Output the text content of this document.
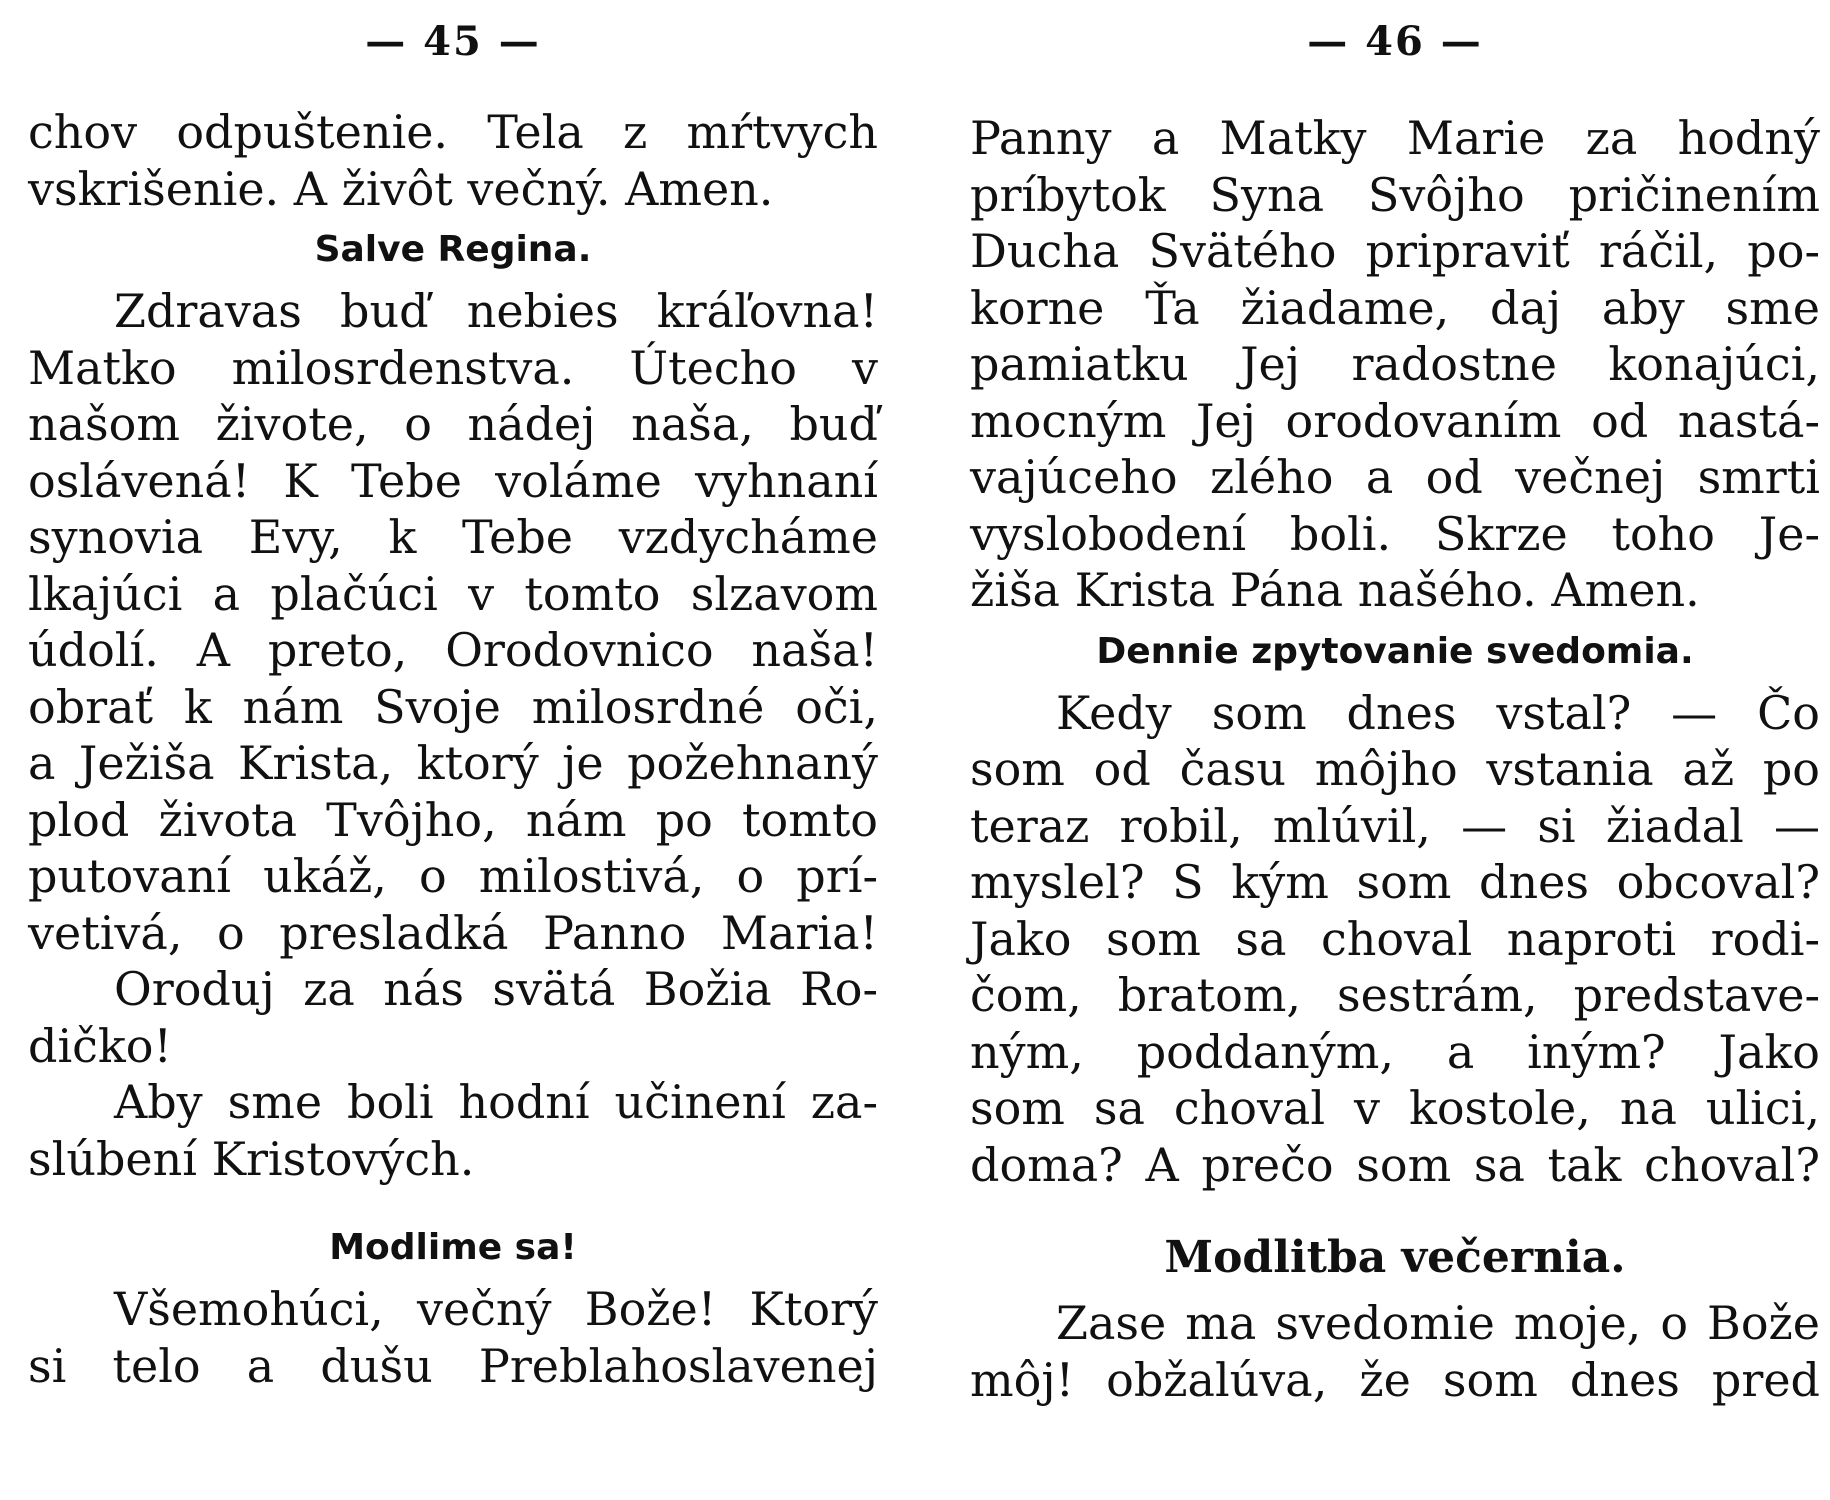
— 45 —
chov odpuštenie. Tela z mŕtvych
vskrišenie. A živôt večný. Amen.
Salve Regina.
Zdravas buď nebies kráľovna!
Matko milosrdenstva. Útecho v
našom živote, o nádej naša, buď
oslávená! K Tebe voláme vyhnaní
synovia Evy, k Tebe vzdycháme
lkajúci a plačúci v tomto slzavom
údolí. A preto, Orodovnico naša!
obrať k nám Svoje milosrdné oči,
a Ježiša Krista, ktorý je požehnaný
plod života Tvôjho, nám po tomto
putovaní ukáž, o milostivá, o prí-
vetivá, o presladká Panno Maria!
Oroduj za nás svätá Božia Ro-
dičko!
Aby sme boli hodní učinení za-
slúbení Kristových.
Modlime sa!
Všemohúci, večný Bože! Ktorý
si telo a dušu Preblahoslavenej
— 46 —
Panny a Matky Marie za hodný
príbytok Syna Svôjho pričinením
Ducha Svätého pripraviť ráčil, po-
korne Ťa žiadame, daj aby sme
pamiatku Jej radostne konajúci,
mocným Jej orodovaním od nastá-
vajúceho zlého a od večnej smrti
vyslobodení boli. Skrze toho Je-
žiša Krista Pána našého. Amen.
Dennie zpytovanie svedomia.
Kedy som dnes vstal? — Čo
som od času môjho vstania až po
teraz robil, mlúvil, — si žiadal —
myslel? S kým som dnes obcoval?
Jako som sa choval naproti rodi-
čom, bratom, sestrám, predstave-
ným, poddaným, a iným? Jako
som sa choval v kostole, na ulici,
doma? A prečo som sa tak choval?
Modlitba večernia.
Zase ma svedomie moje, o Bože
môj! obžalúva, že som dnes pred
